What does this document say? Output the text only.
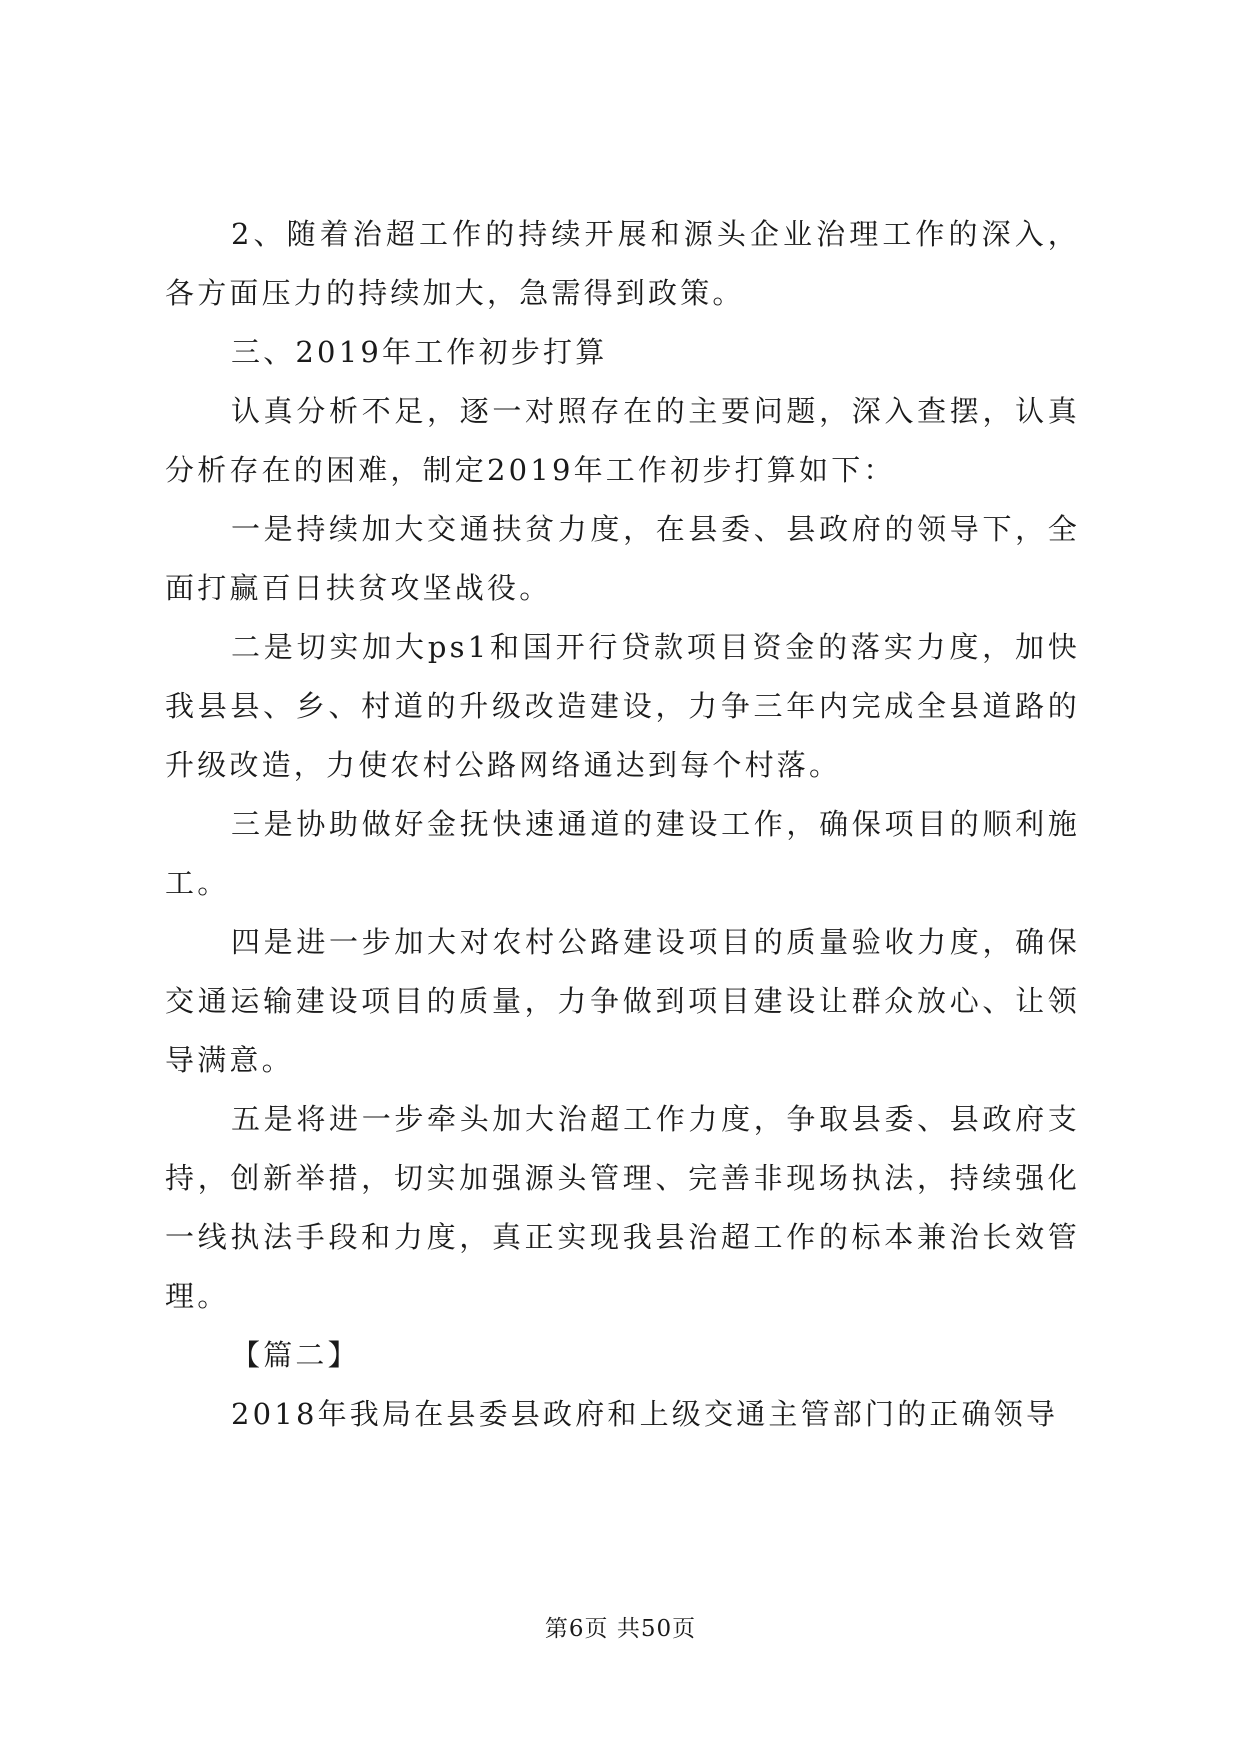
2、随着治超工作的持续开展和源头企业治理工作的深入，各方面压力的持续加大，急需得到政策。

三、2019年工作初步打算

认真分析不足，逐一对照存在的主要问题，深入查摆，认真分析存在的困难，制定2019年工作初步打算如下：

一是持续加大交通扶贫力度，在县委、县政府的领导下，全面打赢百日扶贫攻坚战役。

二是切实加大ps1和国开行贷款项目资金的落实力度，加快我县县、乡、村道的升级改造建设，力争三年内完成全县道路的升级改造，力使农村公路网络通达到每个村落。

三是协助做好金抚快速通道的建设工作，确保项目的顺利施工。

四是进一步加大对农村公路建设项目的质量验收力度，确保交通运输建设项目的质量，力争做到项目建设让群众放心、让领导满意。

五是将进一步牵头加大治超工作力度，争取县委、县政府支持，创新举措，切实加强源头管理、完善非现场执法，持续强化一线执法手段和力度，真正实现我县治超工作的标本兼治长效管理。

【篇二】

2018年我局在县委县政府和上级交通主管部门的正确领导

第6页 共50页
